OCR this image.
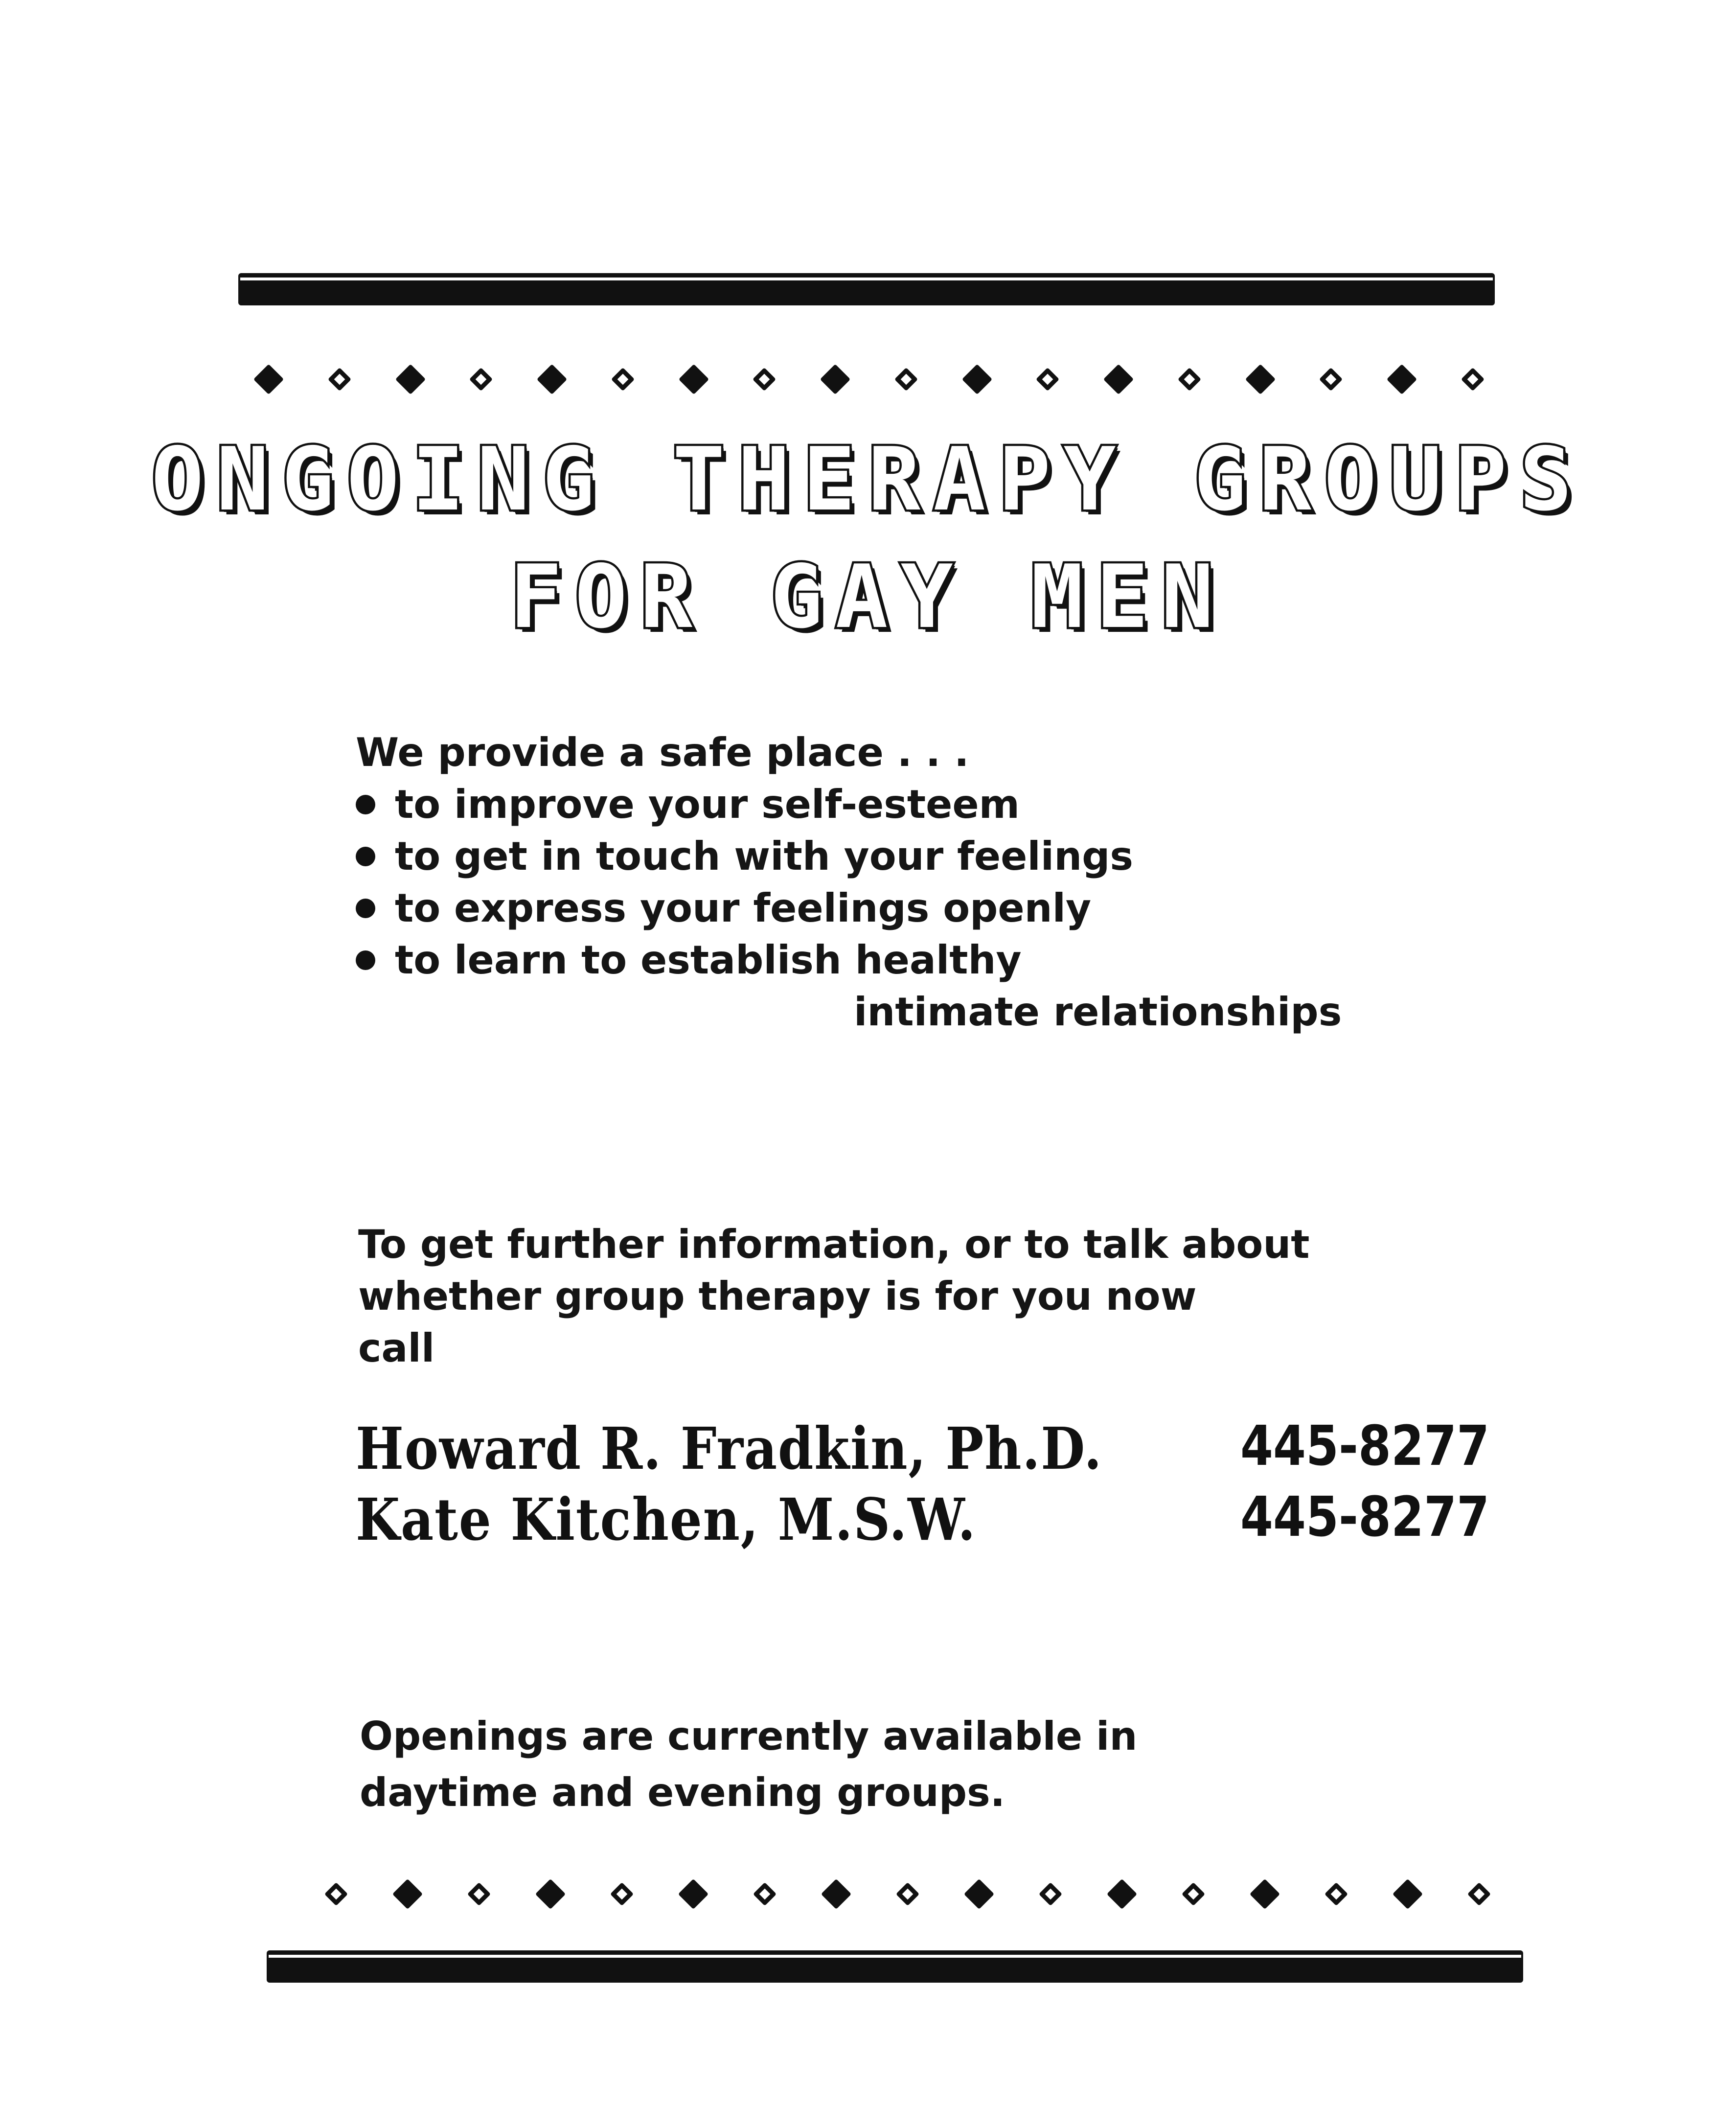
ONGOING THERAPY GROUPS
FOR GAY MEN
We provide a safe place . . .
to improve your self-esteem
to get in touch with your feelings
to express your feelings openly
to learn to establish healthy
intimate relationships
To get further information, or to talk about
whether group therapy is for you now
call
Howard R. Fradkin, Ph.D.	445-8277
Kate Kitchen, M.S.W.	445-8277
Openings are currently available in
daytime and evening groups.
